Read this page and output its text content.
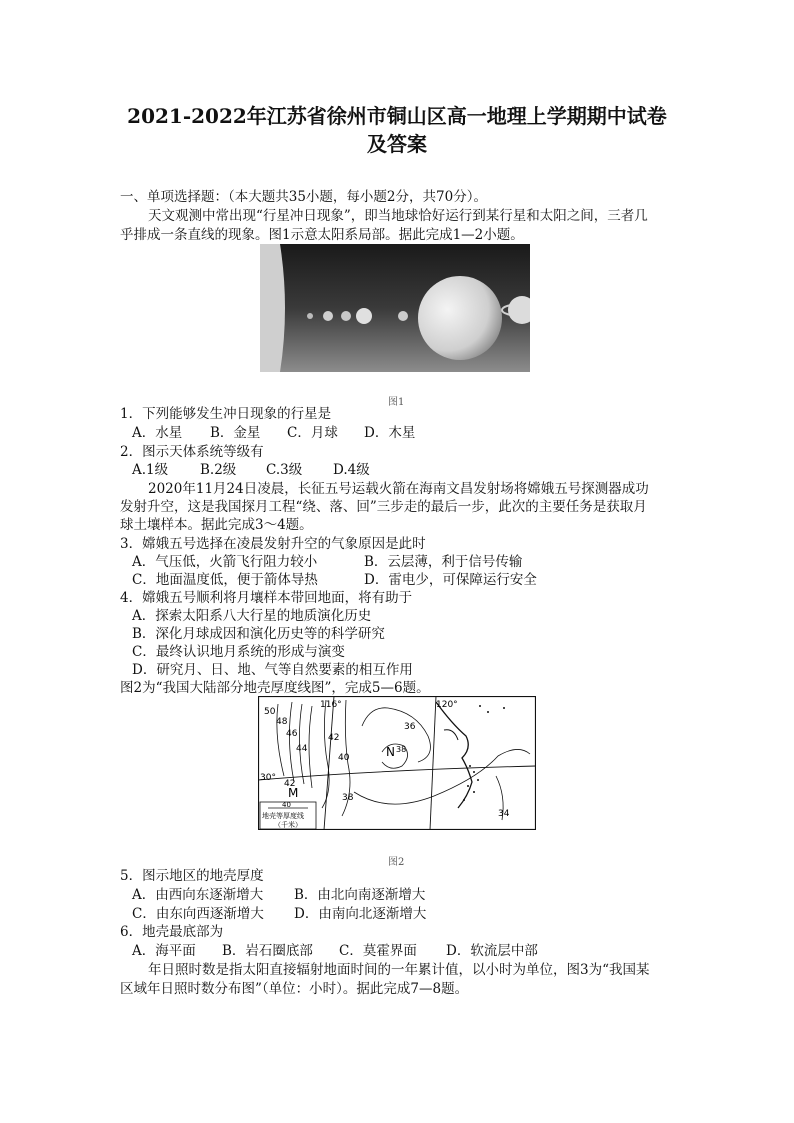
2021-2022年江苏省徐州市铜山区高一地理上学期期中试卷
及答案
一、单项选择题：（本大题共35小题，每小题2分，共70分）。
天文观测中常出现“行星冲日现象”，即当地球恰好运行到某行星和太阳之间，三者几
乎排成一条直线的现象。图1示意太阳系局部。据此完成1—2小题。
图1
1．下列能够发生冲日现象的行星是
A．水星 B．金星 C．月球 D．木星
2．图示天体系统等级有
A.1级 B.2级 C.3级 D.4级
2020年11月24日凌晨，长征五号运载火箭在海南文昌发射场将嫦娥五号探测器成功
发射升空，这是我国探月工程“绕、落、回”三步走的最后一步，此次的主要任务是获取月
球土壤样本。据此完成3～4题。
3．嫦娥五号选择在凌晨发射升空的气象原因是此时
A．气压低，火箭飞行阻力较小	B．云层薄，利于信号传输
C．地面温度低，便于箭体导热	D．雷电少，可保障运行安全
4．嫦娥五号顺利将月壤样本带回地面，将有助于
A．探索太阳系八大行星的地质演化历史
B．深化月球成因和演化历史等的科学研究
C．最终认识地月系统的形成与演变
D．研究月、日、地、气等自然要素的相互作用
图2为“我国大陆部分地壳厚度线图”，完成5—6题。
116°	120°
30°
50
48
46
44
42
40
36
N 38
38
42
M
34
40
地壳等厚度线
（千米）
图2
5．图示地区的地壳厚度
A．由西向东逐渐增大 B．由北向南逐渐增大
C．由东向西逐渐增大 D．由南向北逐渐增大
6．地壳最底部为
A．海平面 B．岩石圈底部 C．莫霍界面 D．软流层中部
年日照时数是指太阳直接辐射地面时间的一年累计值，以小时为单位，图3为“我国某
区域年日照时数分布图”（单位：小时）。据此完成7—8题。
